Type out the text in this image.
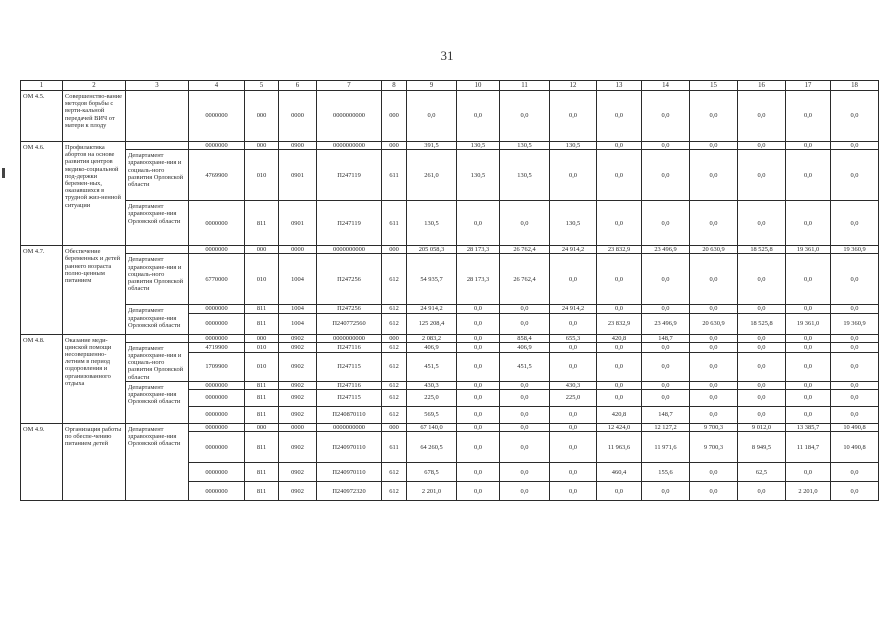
31
1	2	3	4	5	6	7	8	9	10	11	12	13	14	15	16	17	18
ОМ 4.5.	Совершенство-вание методов борьбы с верти-кальной передачей ВИЧ от матери к плоду		0000000	000	0000	0000000000	000	0,0	0,0	0,0	0,0	0,0	0,0	0,0	0,0	0,0	0,0
ОМ 4.6.	Профилактика абортов на основе развития центров медико-социальной под-держки беремен-ных, оказавшихся в трудной жиз-ненной ситуации		0000000	000	0900	0000000000	000	391,5	130,5	130,5	130,5	0,0	0,0	0,0	0,0	0,0	0,0
		Департамент здравоохране-ния и социаль-ного развития Орловской области	4769900	010	0901	П247119	611	261,0	130,5	130,5	0,0	0,0	0,0	0,0	0,0	0,0	0,0
		Департамент здравоохране-ния Орловской области	0000000	811	0901	П247119	611	130,5	0,0	0,0	130,5	0,0	0,0	0,0	0,0	0,0	0,0
ОМ 4.7.	Обеспечение беременных и детей раннего возраста полно-ценным питанием		0000000	000	0000	0000000000	000	205 058,3	28 173,3	26 762,4	24 914,2	23 832,9	23 496,9	20 630,9	18 525,8	19 361,0	19 360,9
		Департамент здравоохране-ния и социаль-ного развития Орловской области	6770000	010	1004	П247256	612	54 935,7	28 173,3	26 762,4	0,0	0,0	0,0	0,0	0,0	0,0	0,0
		Департамент здравоохране-ния Орловской области	0000000	811	1004	П247256	612	24 914,2	0,0	0,0	24 914,2	0,0	0,0	0,0	0,0	0,0	0,0
			0000000	811	1004	П240772560	612	125 208,4	0,0	0,0	0,0	23 832,9	23 496,9	20 630,9	18 525,8	19 361,0	19 360,9
ОМ 4.8.	Оказание меди-цинской помощи несовершенно-летним в период оздоровления и организованного отдыха		0000000	000	0902	0000000000	000	2 083,2	0,0	858,4	655,3	420,8	148,7	0,0	0,0	0,0	0,0
		Департамент здравоохране-ния и социаль-ного развития Орловской области	4719900	010	0902	П247116	612	406,9	0,0	406,9	0,0	0,0	0,0	0,0	0,0	0,0	0,0
			1709900	010	0902	П247115	612	451,5	0,0	451,5	0,0	0,0	0,0	0,0	0,0	0,0	0,0
		Департамент здравоохране-ния Орловской области	0000000	811	0902	П247116	612	430,3	0,0	0,0	430,3	0,0	0,0	0,0	0,0	0,0	0,0
			0000000	811	0902	П247115	612	225,0	0,0	0,0	225,0	0,0	0,0	0,0	0,0	0,0	0,0
			0000000	811	0902	П240870110	612	569,5	0,0	0,0	0,0	420,8	148,7	0,0	0,0	0,0	0,0
ОМ 4.9.	Организация работы по обеспе-чению питанием детей	Департамент здравоохране-ния Орловской области	0000000	000	0000	0000000000	000	67 140,0	0,0	0,0	0,0	12 424,0	12 127,2	9 700,3	9 012,0	13 385,7	10 490,8
			0000000	811	0902	П240970110	611	64 260,5	0,0	0,0	0,0	11 963,6	11 971,6	9 700,3	8 949,5	11 184,7	10 490,8
			0000000	811	0902	П240970110	612	678,5	0,0	0,0	0,0	460,4	155,6	0,0	62,5	0,0	0,0
			0000000	811	0902	П240972320	612	2 201,0	0,0	0,0	0,0	0,0	0,0	0,0	0,0	2 201,0	0,0
